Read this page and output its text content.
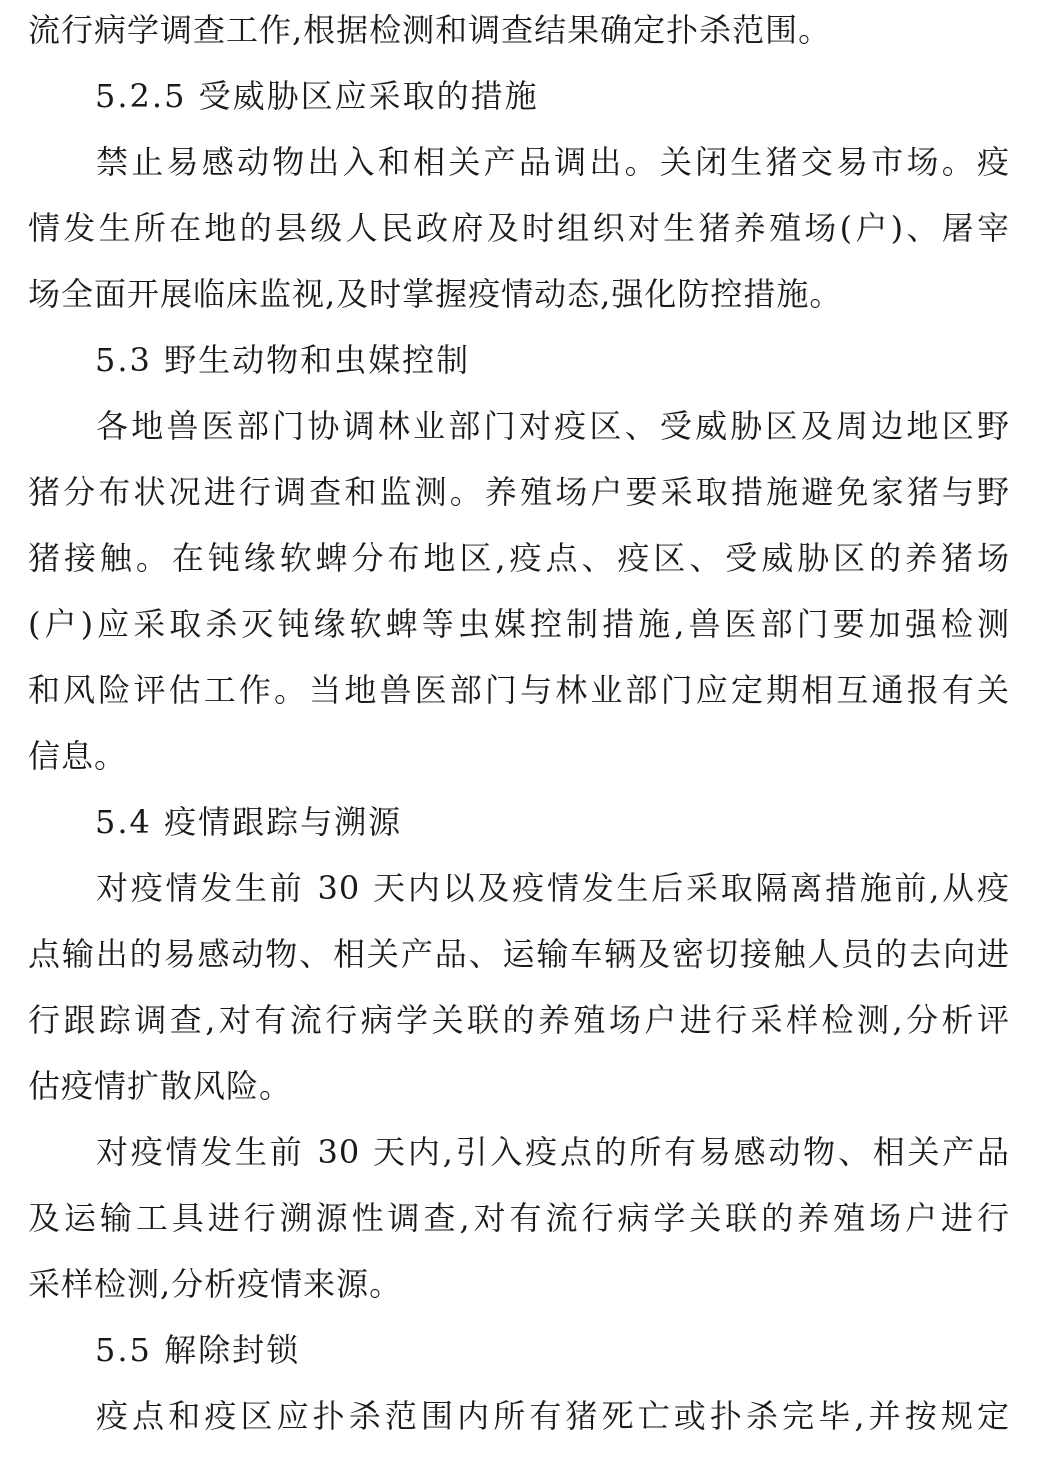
流行病学调查工作,根据检测和调查结果确定扑杀范围。
5.2.5 受威胁区应采取的措施
禁止易感动物出入和相关产品调出。关闭生猪交易市场。疫
情发生所在地的县级人民政府及时组织对生猪养殖场(户)、屠宰
场全面开展临床监视,及时掌握疫情动态,强化防控措施。
5.3 野生动物和虫媒控制
各地兽医部门协调林业部门对疫区、受威胁区及周边地区野
猪分布状况进行调查和监测。养殖场户要采取措施避免家猪与野
猪接触。在钝缘软蜱分布地区,疫点、疫区、受威胁区的养猪场
(户)应采取杀灭钝缘软蜱等虫媒控制措施,兽医部门要加强检测
和风险评估工作。当地兽医部门与林业部门应定期相互通报有关
信息。
5.4 疫情跟踪与溯源
对疫情发生前 30 天内以及疫情发生后采取隔离措施前,从疫
点输出的易感动物、相关产品、运输车辆及密切接触人员的去向进
行跟踪调查,对有流行病学关联的养殖场户进行采样检测,分析评
估疫情扩散风险。
对疫情发生前 30 天内,引入疫点的所有易感动物、相关产品
及运输工具进行溯源性调查,对有流行病学关联的养殖场户进行
采样检测,分析疫情来源。
5.5 解除封锁
疫点和疫区应扑杀范围内所有猪死亡或扑杀完毕,并按规定
